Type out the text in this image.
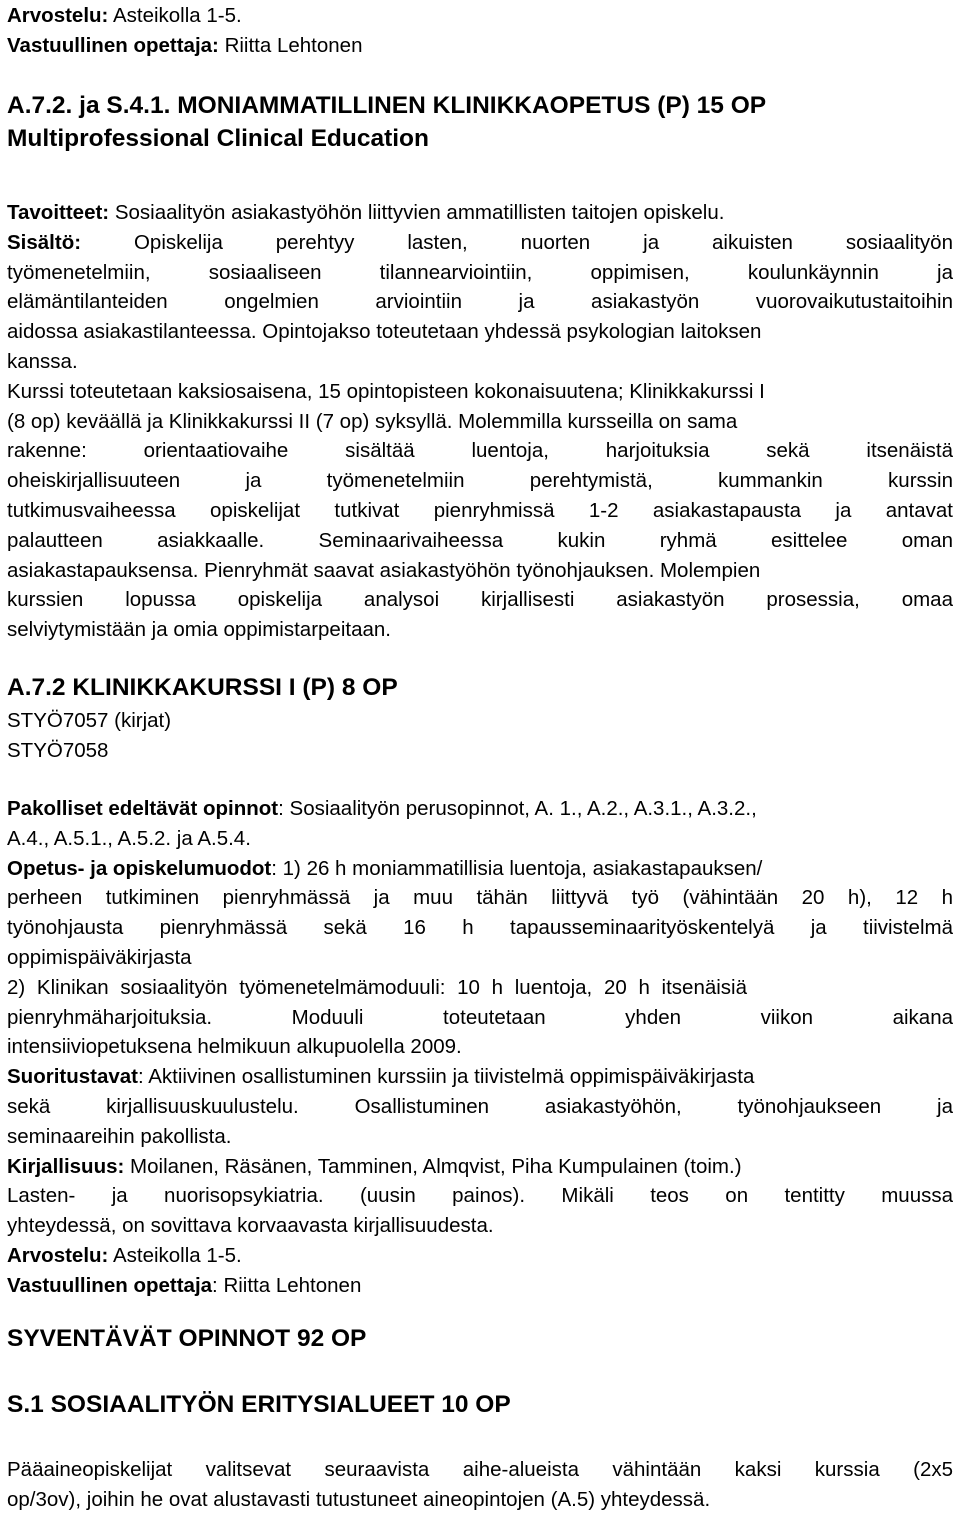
Arvostelu: Asteikolla 1-5.
Vastuullinen opettaja: Riitta Lehtonen
A.7.2. ja S.4.1. MONIAMMATILLINEN KLINIKKAOPETUS (P) 15 OP
Multiprofessional Clinical Education
Tavoitteet: Sosiaalityön asiakastyöhön liittyvien ammatillisten taitojen opiskelu.
Sisältö: Opiskelija perehtyy lasten, nuorten ja aikuisten sosiaalityön
työmenetelmiin, sosiaaliseen tilannearviointiin, oppimisen, koulunkäynnin ja
elämäntilanteiden ongelmien arviointiin ja asiakastyön vuorovaikutustaitoihin
aidossa asiakastilanteessa. Opintojakso toteutetaan yhdessä psykologian laitoksen
kanssa.
Kurssi toteutetaan kaksiosaisena, 15 opintopisteen kokonaisuutena; Klinikkakurssi I
(8 op) keväällä ja Klinikkakurssi II (7 op) syksyllä. Molemmilla kursseilla on sama
rakenne: orientaatiovaihe sisältää luentoja, harjoituksia sekä itsenäistä
oheiskirjallisuuteen ja työmenetelmiin perehtymistä, kummankin kurssin
tutkimusvaiheessa opiskelijat tutkivat pienryhmissä 1-2 asiakastapausta ja antavat
palautteen asiakkaalle. Seminaarivaiheessa kukin ryhmä esittelee oman
asiakastapauksensa. Pienryhmät saavat asiakastyöhön työnohjauksen. Molempien
kurssien lopussa opiskelija analysoi kirjallisesti asiakastyön prosessia, omaa
selviytymistään ja omia oppimistarpeitaan.
A.7.2 KLINIKKAKURSSI I (P) 8 OP
STYÖ7057 (kirjat)
STYÖ7058
Pakolliset edeltävät opinnot: Sosiaalityön perusopinnot, A. 1., A.2., A.3.1., A.3.2.,
A.4., A.5.1., A.5.2. ja A.5.4.
Opetus- ja opiskelumuodot: 1) 26 h moniammatillisia luentoja, asiakastapauksen/
perheen tutkiminen pienryhmässä ja muu tähän liittyvä työ (vähintään 20 h), 12 h
työnohjausta pienryhmässä sekä 16 h tapausseminaarityöskentelyä ja tiivistelmä
oppimispäiväkirjasta
2) Klinikan sosiaalityön työmenetelmämoduuli: 10 h luentoja, 20 h itsenäisiä
pienryhmäharjoituksia. Moduuli toteutetaan yhden viikon aikana
intensiiviopetuksena helmikuun alkupuolella 2009.
Suoritustavat: Aktiivinen osallistuminen kurssiin ja tiivistelmä oppimispäiväkirjasta
sekä kirjallisuuskuulustelu. Osallistuminen asiakastyöhön, työnohjaukseen ja
seminaareihin pakollista.
Kirjallisuus: Moilanen, Räsänen, Tamminen, Almqvist, Piha Kumpulainen (toim.)
Lasten- ja nuorisopsykiatria. (uusin painos). Mikäli teos on tentitty muussa
yhteydessä, on sovittava korvaavasta kirjallisuudesta.
Arvostelu: Asteikolla 1-5.
Vastuullinen opettaja: Riitta Lehtonen
SYVENTÄVÄT OPINNOT 92 OP
S.1 SOSIAALITYÖN ERITYSIALUEET 10 OP
Pääaineopiskelijat valitsevat seuraavista aihe-alueista vähintään kaksi kurssia (2x5
op/3ov), joihin he ovat alustavasti tutustuneet aineopintojen (A.5) yhteydessä.
